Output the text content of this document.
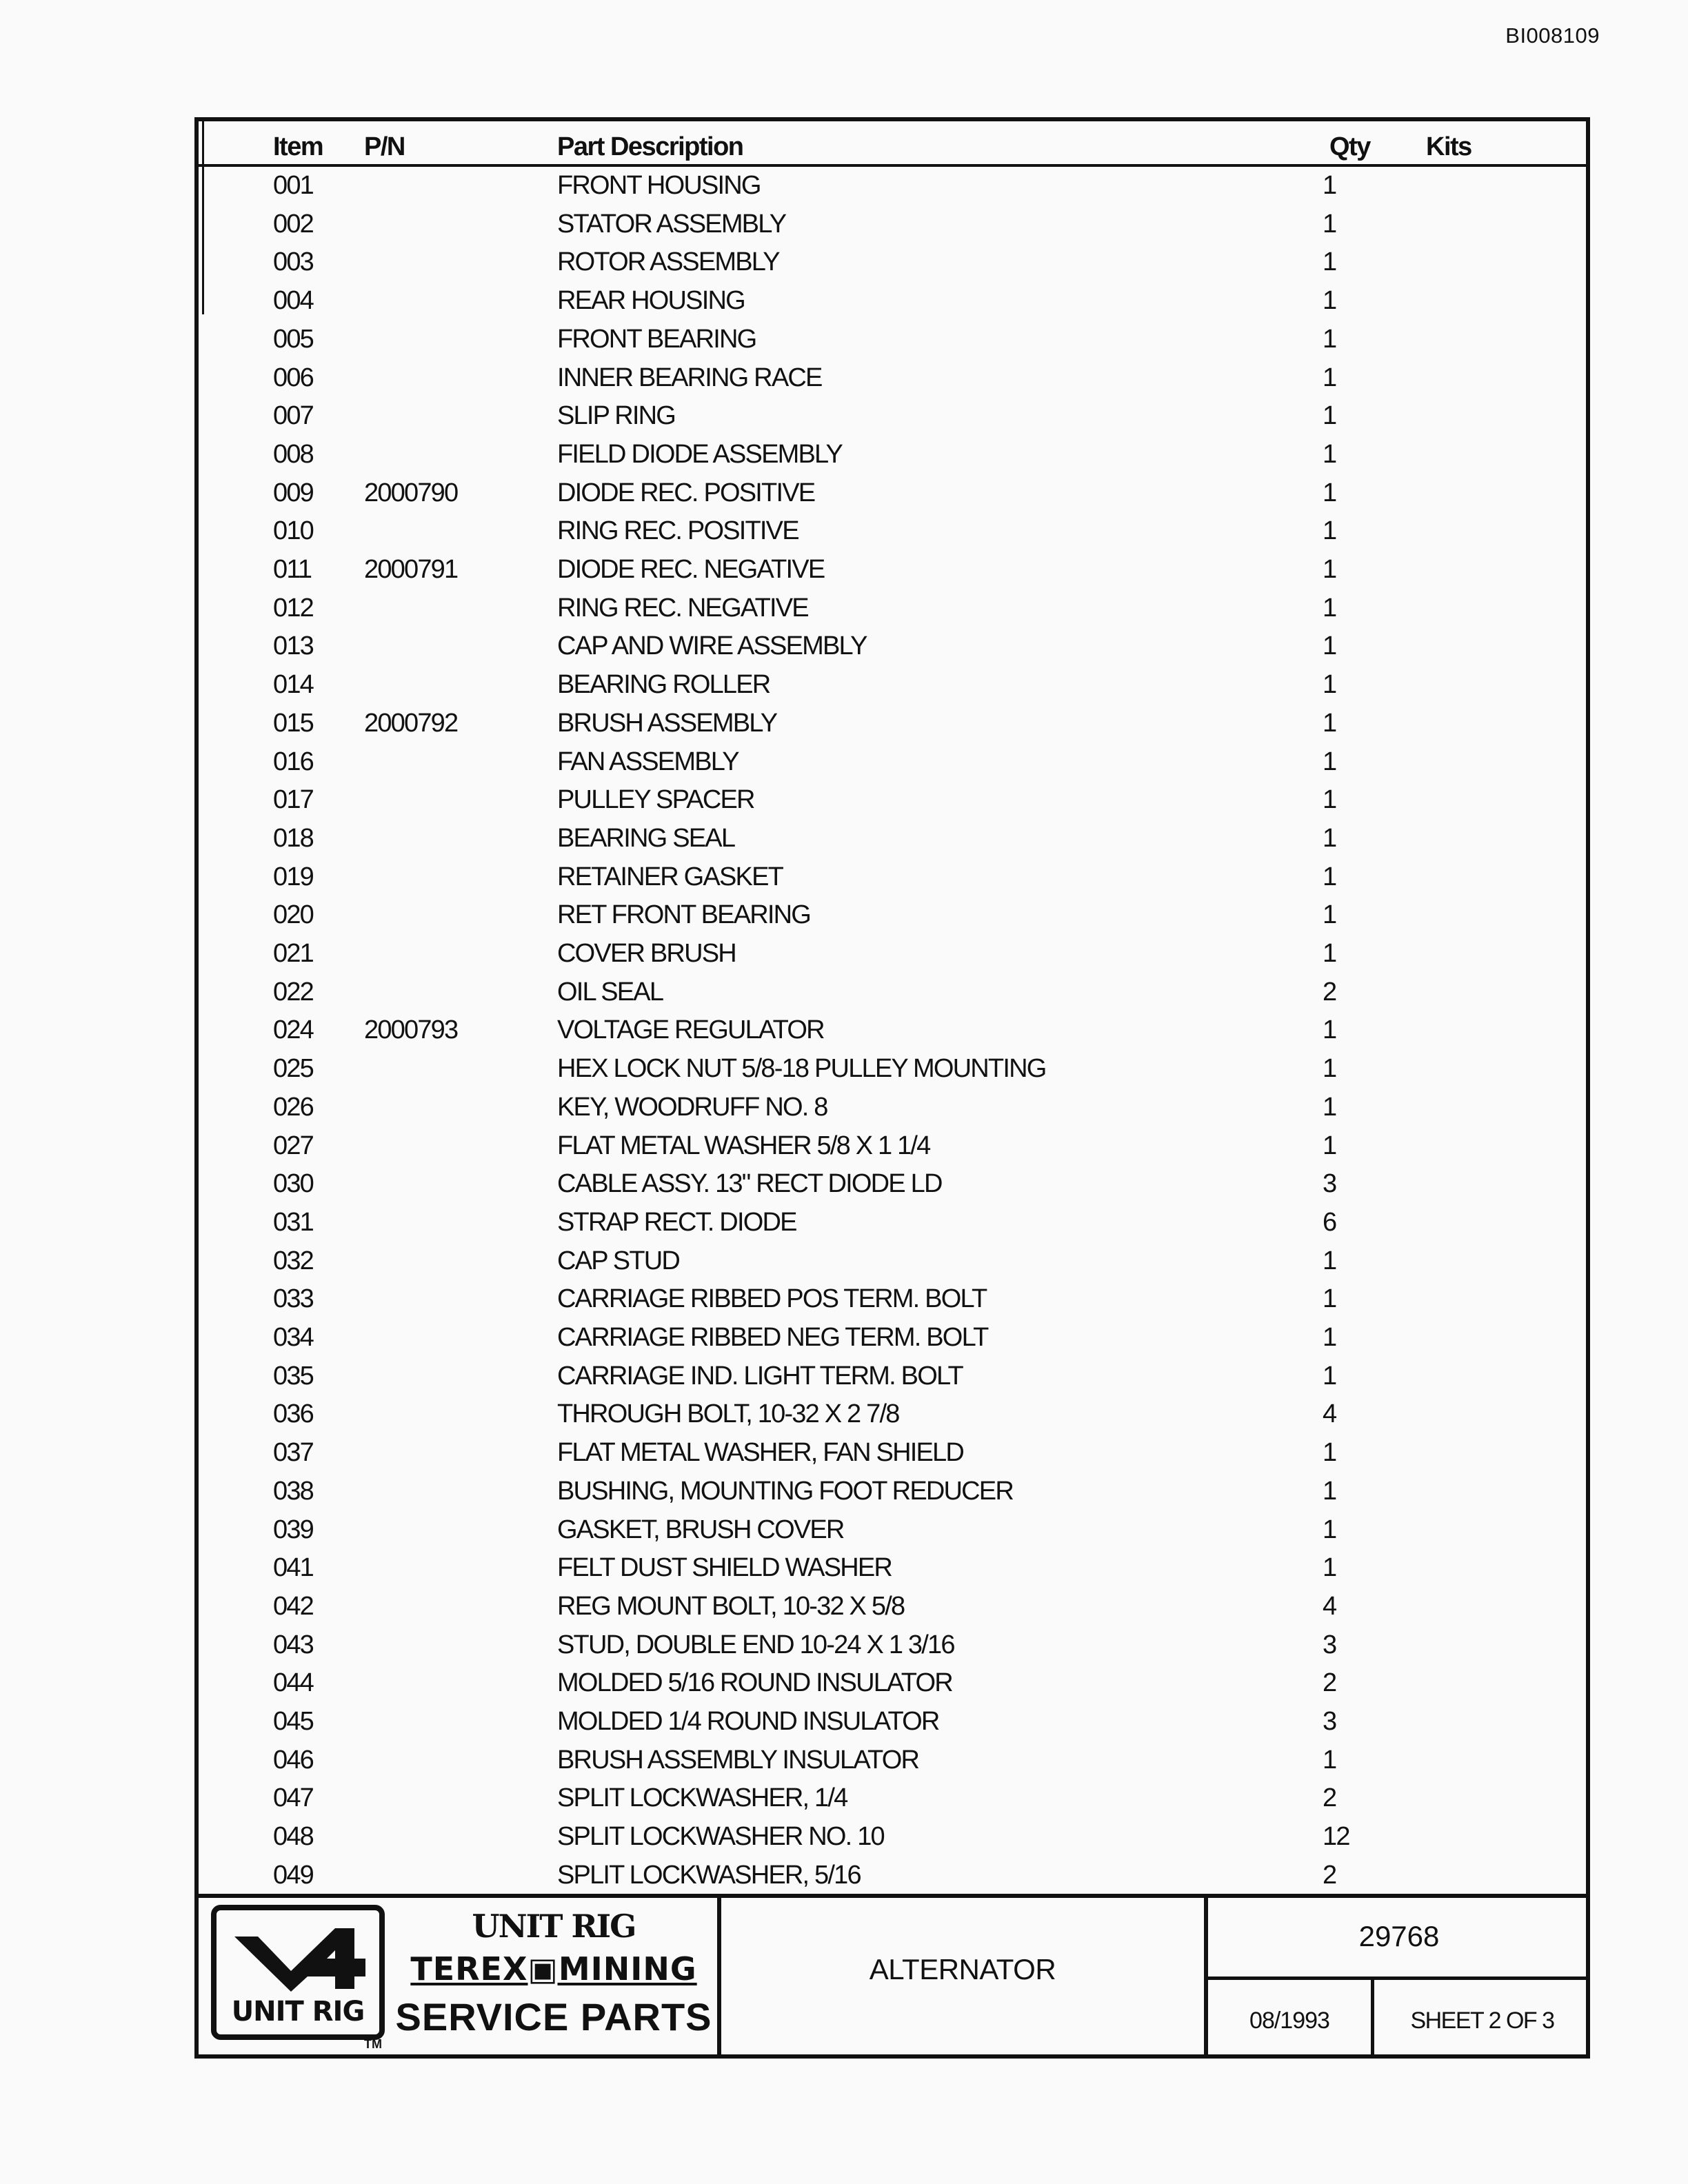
BI008109
Item P/N	Part Description	Qty Kits
001	FRONT HOUSING	1
002	STATOR ASSEMBLY	1
003	ROTOR ASSEMBLY	1
004	REAR HOUSING	1
005	FRONT BEARING	1
006	INNER BEARING RACE	1
007	SLIP RING	1
008	FIELD DIODE ASSEMBLY	1
009 2000790	DIODE REC. POSITIVE	1
010	RING REC. POSITIVE	1
011 2000791	DIODE REC. NEGATIVE	1
012	RING REC. NEGATIVE	1
013	CAP AND WIRE ASSEMBLY	1
014	BEARING ROLLER	1
015 2000792	BRUSH ASSEMBLY	1
016	FAN ASSEMBLY	1
017	PULLEY SPACER	1
018	BEARING SEAL	1
019	RETAINER GASKET	1
020	RET FRONT BEARING	1
021	COVER BRUSH	1
022	OIL SEAL	2
024 2000793	VOLTAGE REGULATOR	1
025	HEX LOCK NUT 5/8-18 PULLEY MOUNTING	1
026	KEY, WOODRUFF NO. 8	1
027	FLAT METAL WASHER 5/8 X 1 1/4	1
030	CABLE ASSY. 13" RECT DIODE LD	3
031	STRAP RECT. DIODE	6
032	CAP STUD	1
033	CARRIAGE RIBBED POS TERM. BOLT	1
034	CARRIAGE RIBBED NEG TERM. BOLT	1
035	CARRIAGE IND. LIGHT TERM. BOLT	1
036	THROUGH BOLT, 10-32 X 2 7/8	4
037	FLAT METAL WASHER, FAN SHIELD	1
038	BUSHING, MOUNTING FOOT REDUCER	1
039	GASKET, BRUSH COVER	1
041	FELT DUST SHIELD WASHER	1
042	REG MOUNT BOLT, 10-32 X 5/8	4
043	STUD, DOUBLE END 10-24 X 1 3/16	3
044	MOLDED 5/16 ROUND INSULATOR	2
045	MOLDED 1/4 ROUND INSULATOR	3
046	BRUSH ASSEMBLY INSULATOR	1
047	SPLIT LOCKWASHER, 1/4	2
048	SPLIT LOCKWASHER NO. 10	12
049	SPLIT LOCKWASHER, 5/16	2
UNIT RIG
TM
UNIT RIG
TEREX▣MINING
SERVICE PARTS
ALTERNATOR
29768
08/1993	SHEET 2 OF 3
